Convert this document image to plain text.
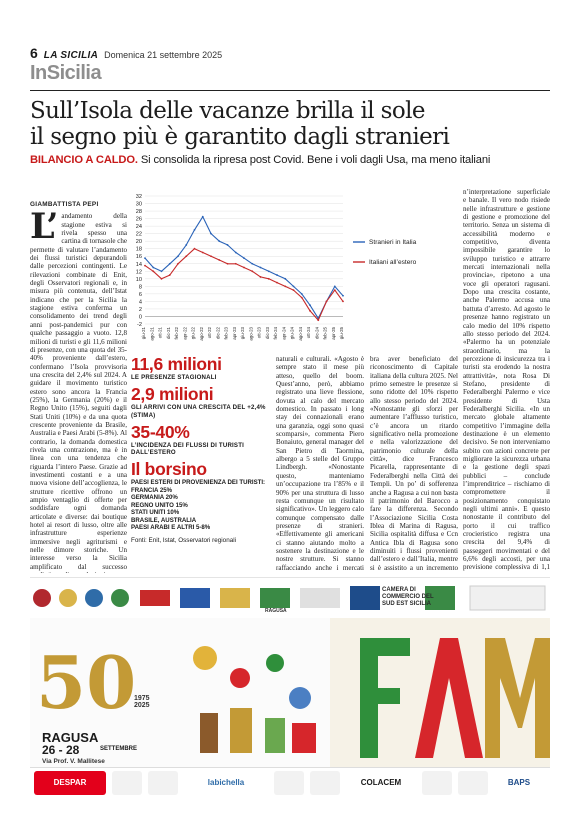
6 LA SICILIA Domenica 21 settembre 2025
InSicilia
Sull’Isola delle vacanze brilla il sole
il segno più è garantito dagli stranieri
BILANCIO A CALDO. Si consolida la ripresa post Covid. Bene i voli dagli Usa, ma meno italiani
GIAMBATTISTA PEPI
L’ andamento della stagione estiva si rivela spesso una cartina di tornasole che permette di valutare l’andamento dei flussi turistici depurandoli dalle percezioni contingenti. Le rilevazioni combinate di Enit, degli Osservatori regionali e, in misura più contenuta, dell’Istat indicano che per la Sicilia la stagione estiva conferma un consolidamento dei trend degli anni post-pandemici pur con qualche passaggio a vuoto. 12,8 milioni di turisti e gli 11,6 milioni di presenze, con una quota del 35-40% proveniente dall’estero, confermano l’Isola provvisoria una crescita del 2,4% sul 2024. A guidare il movimento turistico estero sono ancora la Francia (25%), la Germania (20%) e il Regno Unito (15%), seguiti dagli Stati Uniti (10%) e da una quota crescente proveniente da Brasile, Australia e Paesi Arabi (5-8%). Al contrario, la domanda domestica rivela una contrazione, ma è in linea con una tendenza che riguarda l’intero Paese. Grazie ad investimenti costanti e a una nuova visione dell’accoglienza, le strutture ricettive offrono un ampio ventaglio di offerte per soddisfare ogni domanda articolate e diverse: dai boutique hotel ai resort di lusso, oltre alle infrastrutture esperienze immersive negli agriturismi e nelle dimore storiche. Un interesse verso la Sicilia amplificato dal successo
-2
0
2
4
6
8
10
12
14
16
18
20
22
24
26
28
30
32
giu-21 ago-21 ott-21 dic-21 feb-22 apr-22 giu-22 ago-22 ott-22 dic-22 feb-23 apr-23 giu-23 ago-23 ott-23 dic-23 feb-24 apr-24 giu-24 ago-24 ott-24 dic-24 feb-25 apr-25 giu-25
Stranieri in Italia
Italiani all’estero
11,6 milioni
LE PRESENZE STAGIONALI
2,9 milioni
GLI ARRIVI CON UNA CRESCITA DEL +2,4% (STIMA)
35-40%
L’INCIDENZA DEI FLUSSI DI TURISTI DALL’ESTERO
Il borsino
PAESI ESTERI DI PROVENIENZA DEI TURISTI:
FRANCIA 25%
GERMANIA 20%
REGNO UNITO 15%
STATI UNITI 10%
BRASILE, AUSTRALIA
PAESI ARABI E ALTRI 5-8%
Fonti: Enit, Istat, Osservatori regionali
naturali e culturali. «Agosto è sempre stato il mese più atteso, quello del boom. Quest’anno, però, abbiamo registrato una lieve flessione, dovuta al calo del mercato domestico. In passato i long stay dei connazionali erano una garanzia, oggi sono quasi scomparsi», commenta Piero Bonaiuto, general manager del San Pietro di Taormina, albergo a 5 stelle del Gruppo Lindbergh. «Nonostante questo, manteniamo un’occupazione tra l’85% e il 90% per una struttura di lusso resta comunque un risultato significativo». Un leggero calo comunque compensato dalle presenze di stranieri. «Effettivamente gli americani ci stanno aiutando molto a sostenere la destinazione e le nostre strutture. Si stanno raffacciando anche i mercati
bra aver beneficiato del riconoscimento di Capitale italiana della cultura 2025. Nel primo semestre le presenze si sono ridotte del 10% rispetto allo stesso periodo del 2024. «Nonostante gli sforzi per aumentare l’afflusso turistico, c’è ancora un ritardo significativo nella promozione e nella valorizzazione del patrimonio culturale della città», dice Francesco Picarella, rappresentante di Federalberghi nella Città dei Templi. Un po’ di sofferenza anche a Ragusa a cui non basta il patrimonio del Barocco a fare la differenza. Secondo l’Associazione Sicilia Costa Iblea di Marina di Ragusa, Sicilia ospitalità diffusa e Ccn Antica Ibla di Ragusa sono diminuiti i flussi provenienti dall’estero e dall’Italia, mentre si è assistito a un incremento
n’interpretazione superficiale e banale. Il vero nodo risiede nelle infrastrutture e gestione di gestione e promozione del territorio. Senza un sistema di accessibilità moderno e competitivo, diventa impossibile garantire lo sviluppo turistico e attrarre mercati internazionali nella provincia», ripetono a una voce gli operatori ragusani. Dopo una crescita costante, anche Palermo accusa una battuta d’arresto. Ad agosto le presenze hanno registrato un calo medio del 10% rispetto allo stesso periodo del 2024. «Palermo ha un potenziale straordinario, ma la percezione di insicurezza tra i turisti sta erodendo la nostra attrattività», nota Rosa Di Stefano, presidente di Federalberghi Palermo e vice presidente di Usta Federalberghi Sicilia. «In un mercato globale altamente competitivo l’immagine della destinazione è un elemento decisivo. Se non interveniamo subito con azioni concrete per migliorare la sicurezza urbana e la gestione degli spazi pubblici – conclude l’imprenditrice – rischiamo di compromettere il posizionamento conquistato negli ultimi anni». E questo nonostante il contributo del porto il cui traffico crocieristico registra una crescita del 9,4% di passeggeri movimentati e del 6,6% degli accosti, per una previsione complessiva di 1,1
CAMERA DI COMMERCIO DEL SUD EST SICILIA
RAGUSA
50
1975
2025
RAGUSA
26 - 28	SETTEMBRE
Via Prof. V. Mallitese
DESPAR	labichella	COLACEM	BAPS
